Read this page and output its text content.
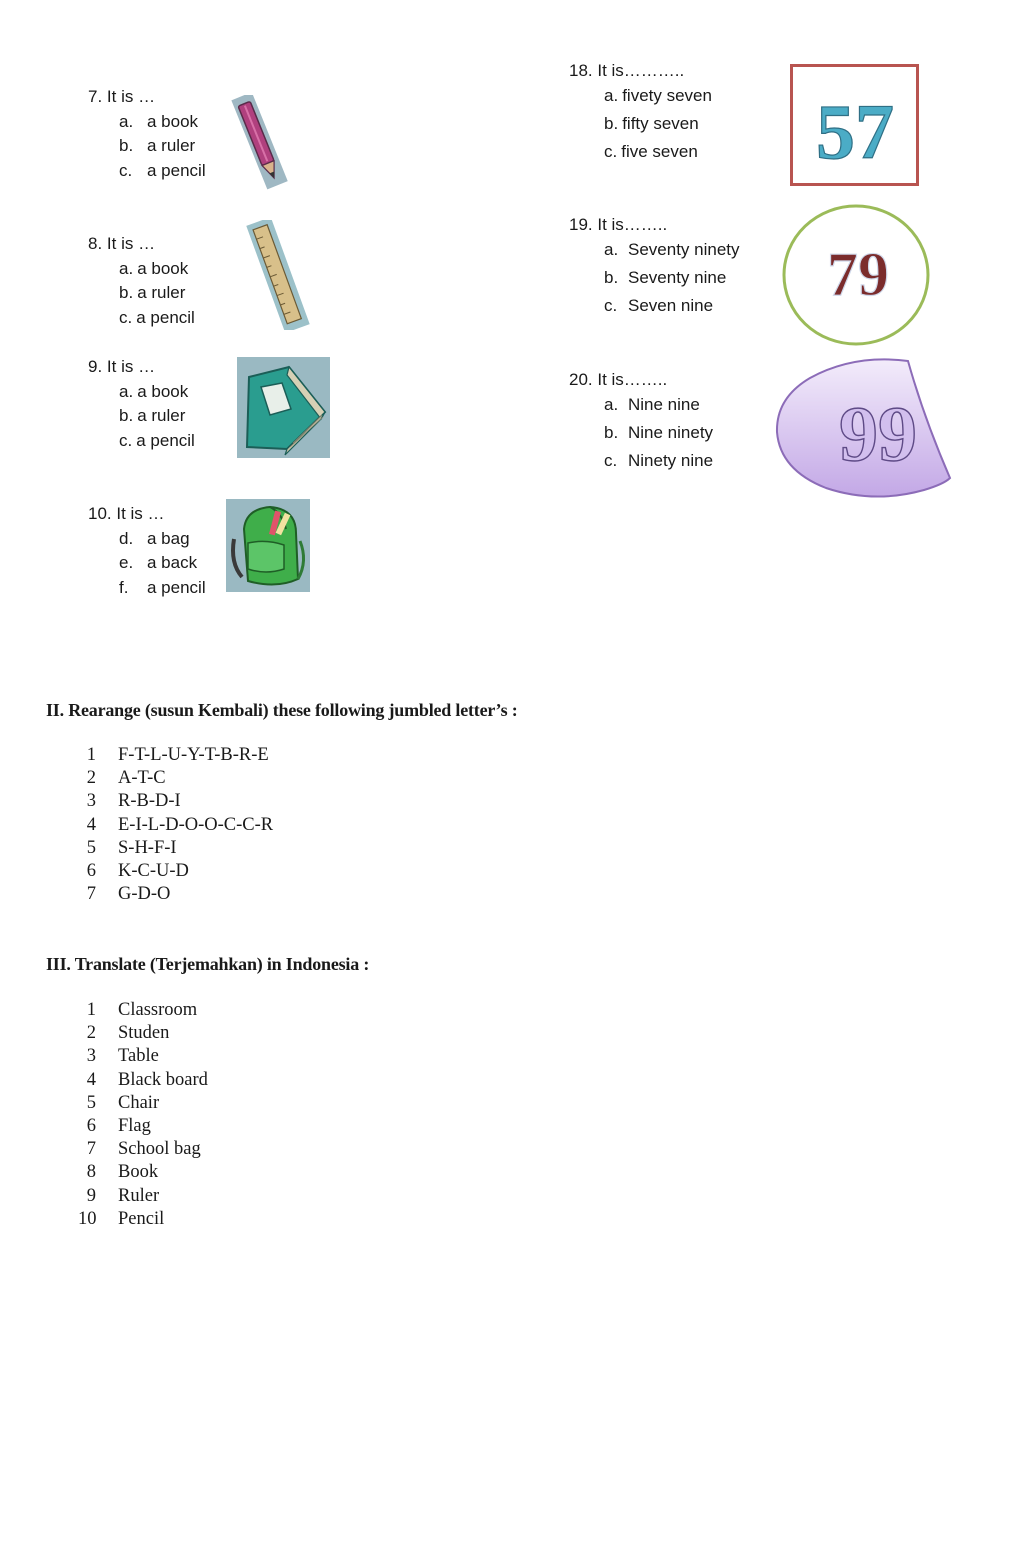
7. It is …
a. a book
b. a ruler
c. a pencil
8. It is …
a. a book
b. a ruler
c. a pencil
9. It is …
a. a book
b. a ruler
c. a pencil
10. It is …
d. a bag
e. a back
f. a pencil
18. It is………..
a. fivety seven
b. fifty seven
c. five seven 57
19. It is……..
a. Seventy ninety
b. Seventy nine
c. Seven nine	79
20. It is……..
a. Nine nine
b. Nine ninety
c. Ninety nine 99
II. Rearange (susun Kembali) these following jumbled letter’s :
1 F-T-L-U-Y-T-B-R-E
2 A-T-C
3 R-B-D-I
4 E-I-L-D-O-O-C-C-R
5 S-H-F-I
6 K-C-U-D
7 G-D-O
III. Translate (Terjemahkan) in Indonesia :
1 Classroom
2 Studen
3 Table
4 Black board
5 Chair
6 Flag
7 School bag
8 Book
9 Ruler
10 Pencil
